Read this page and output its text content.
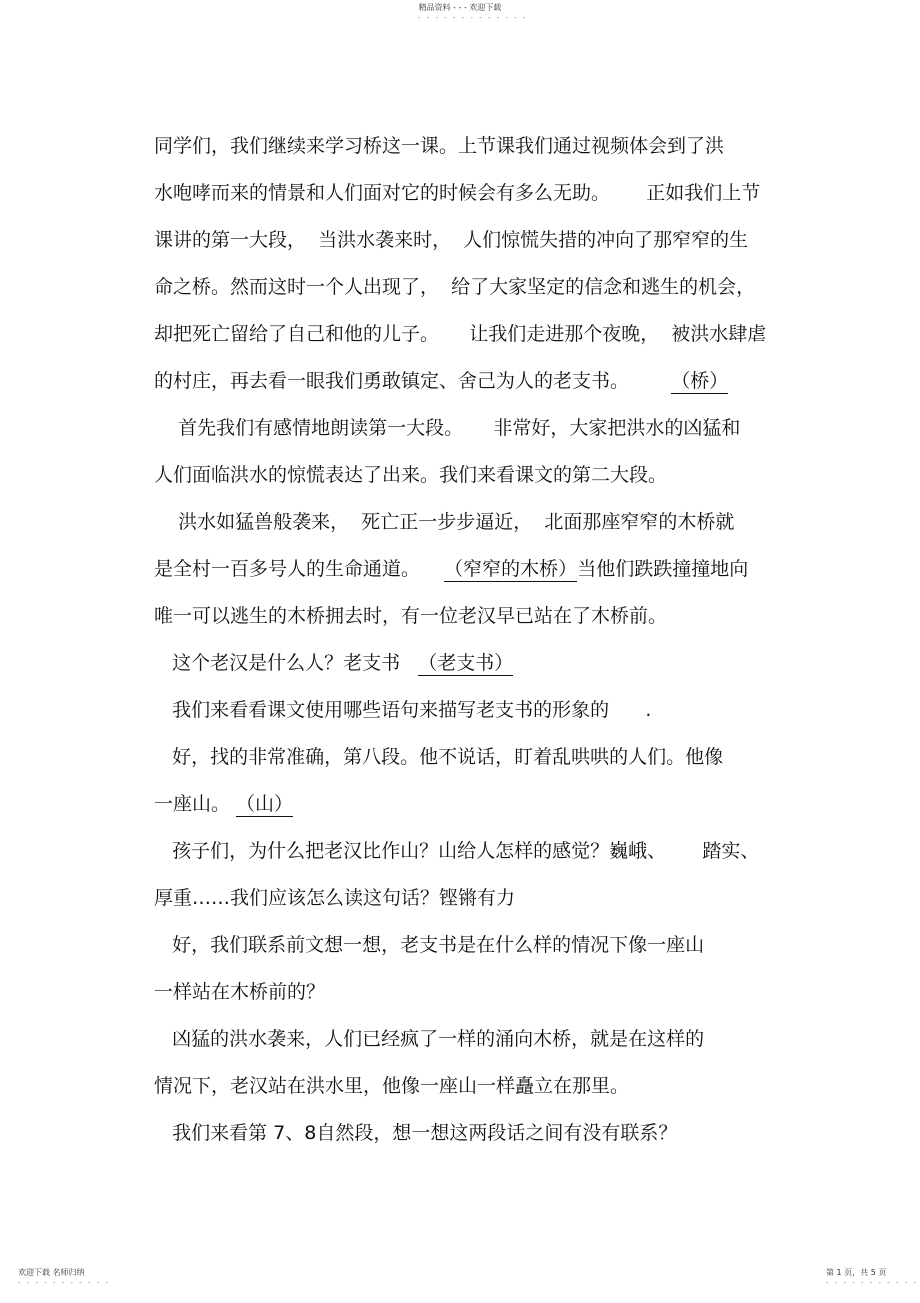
精品资料 - - - 欢迎下载
- - - - - - - - - - - - -
同学们，我们继续来学习桥这一课。上节课我们通过视频体会到了洪
水咆哮而来的情景和人们面对它的时候会有多么无助。      正如我们上节
课讲的第一大段，  当洪水袭来时，  人们惊慌失措的冲向了那窄窄的生
命之桥。然而这时一个人出现了，  给了大家坚定的信念和逃生的机会，
却把死亡留给了自己和他的儿子。     让我们走进那个夜晚，  被洪水肆虐
的村庄，再去看一眼我们勇敢镇定、舍己为人的老支书。       （桥）
首先我们有感情地朗读第一大段。     非常好，大家把洪水的凶猛和
人们面临洪水的惊慌表达了出来。我们来看课文的第二大段。
洪水如猛兽般袭来，  死亡正一步步逼近，  北面那座窄窄的木桥就
是全村一百多号人的生命通道。    （窄窄的木桥）当他们跌跌撞撞地向
唯一可以逃生的木桥拥去时，有一位老汉早已站在了木桥前。
这个老汉是什么人？老支书   （老支书）
我们来看看课文使用哪些语句来描写老支书的形象的      .
好，找的非常准确，第八段。他不说话，盯着乱哄哄的人们。他像
一座山。 （山）
孩子们，为什么把老汉比作山？山给人怎样的感觉？巍峨、      踏实、
厚重……我们应该怎么读这句话？铿锵有力
好，我们联系前文想一想，老支书是在什么样的情况下像一座山
一样站在木桥前的？
凶猛的洪水袭来，人们已经疯了一样的涌向木桥，就是在这样的
情况下，老汉站在洪水里，他像一座山一样矗立在那里。
我们来看第 7、8自然段，想一想这两段话之间有没有联系？
欢迎下载 名师归纳
- - - - - - - - - - -
第 1 页，共 5 页
- - - - - - - - - - -
